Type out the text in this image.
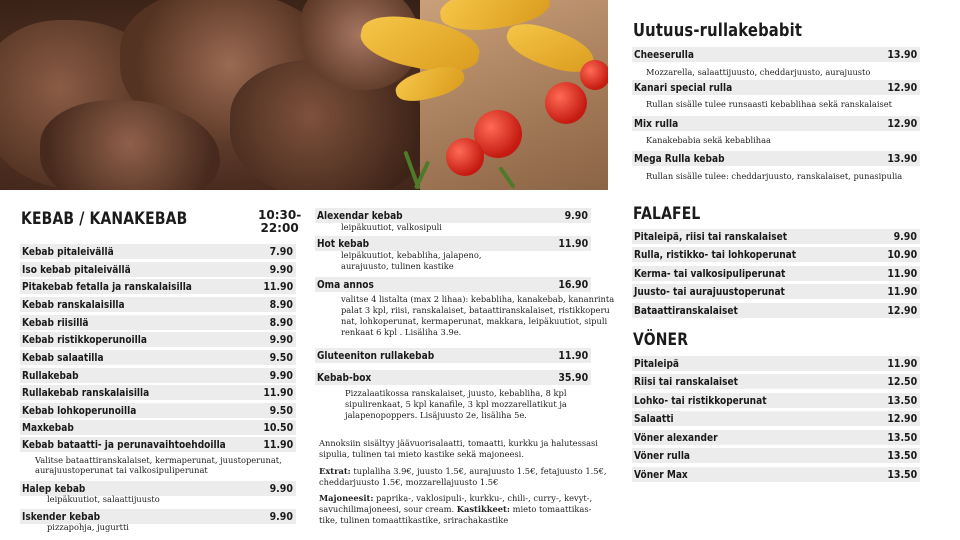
Uutuus-rullakebabit
Cheeserulla	13.90
Mozzarella, salaattijuusto, cheddarjuusto, aurajuusto
Kanari special rulla	12.90
Rullan sisälle tulee runsaasti kebablihaa sekä ranskalaiset
Mix rulla	12.90
Kanakebabia sekä kebablihaa
Mega Rulla kebab	13.90
Rullan sisälle tulee: cheddarjuusto, ranskalaiset, punasipulia
KEBAB / KANAKEBAB	10:30-
22:00
Kebab pitaleivällä	7.90
Iso kebab pitaleivällä	9.90
Pitakebab fetalla ja ranskalaisilla	11.90
Kebab ranskalaisilla	8.90
Kebab riisillä	8.90
Kebab ristikkoperunoilla	9.90
Kebab salaatilla	9.50
Rullakebab	9.90
Rullakebab ranskalaisilla	11.90
Kebab lohkoperunoilla	9.50
Maxkebab	10.50
Kebab bataatti- ja perunavaihtoehdoilla	11.90
Valitse bataattiranskalaiset, kermaperunat, juustoperunat,
aurajuustoperunat tai valkosipuliperunat
Halep kebab	9.90
leipäkuutiot, salaattijuusto
Iskender kebab	9.90
pizzapohja, jugurtti
Alexendar kebab	9.90
leipäkuutiot, valkosipuli
Hot kebab	11.90
leipäkuutiot, kebabliha, jalapeno,
aurajuusto, tulinen kastike
Oma annos	16.90
valitse 4 listalta (max 2 lihaa): kebabliha, kanakebab, kananrinta
palat 3 kpl, riisi, ranskalaiset, bataattiranskalaiset, ristikkoperu
nat, lohkoperunat, kermaperunat, makkara, leipäkuutiot, sipuli
renkaat 6 kpl . Lisäliha 3.9e.
Gluteeniton rullakebab	11.90
Kebab-box	35.90
Pizzalaatikossa ranskalaiset, juusto, kebabliha, 8 kpl
sipulirenkaat, 5 kpl kanafile, 3 kpl mozzarellatikut ja
jalapenopoppers. Lisäjuusto 2e, lisäliha 5e.
Annoksiin sisältyy jäävuorisalaatti, tomaatti, kurkku ja halutessasi
sipulia, tulinen tai mieto kastike sekä majoneesi.
Extrat: tuplaliha 3.9€, juusto 1.5€, aurajuusto 1.5€, fetajuusto 1.5€,
cheddarjuusto 1.5€, mozzarellajuusto 1.5€
Majoneesit: paprika-, vaklosipuli-, kurkku-, chili-, curry-, kevyt-,
savuchilimajoneesi, sour cream. Kastikkeet: mieto tomaattikas-
tike, tulinen tomaattikastike, srirachakastike
FALAFEL
Pitaleipä, riisi tai ranskalaiset	9.90
Rulla, ristikko- tai lohkoperunat	10.90
Kerma- tai valkosipuliperunat	11.90
Juusto- tai aurajuustoperunat	11.90
Bataattiranskalaiset	12.90
VÖNER
Pitaleipä	11.90
Riisi tai ranskalaiset	12.50
Lohko- tai ristikkoperunat	13.50
Salaatti	12.90
Vöner alexander	13.50
Vöner rulla	13.50
Vöner Max	13.50
